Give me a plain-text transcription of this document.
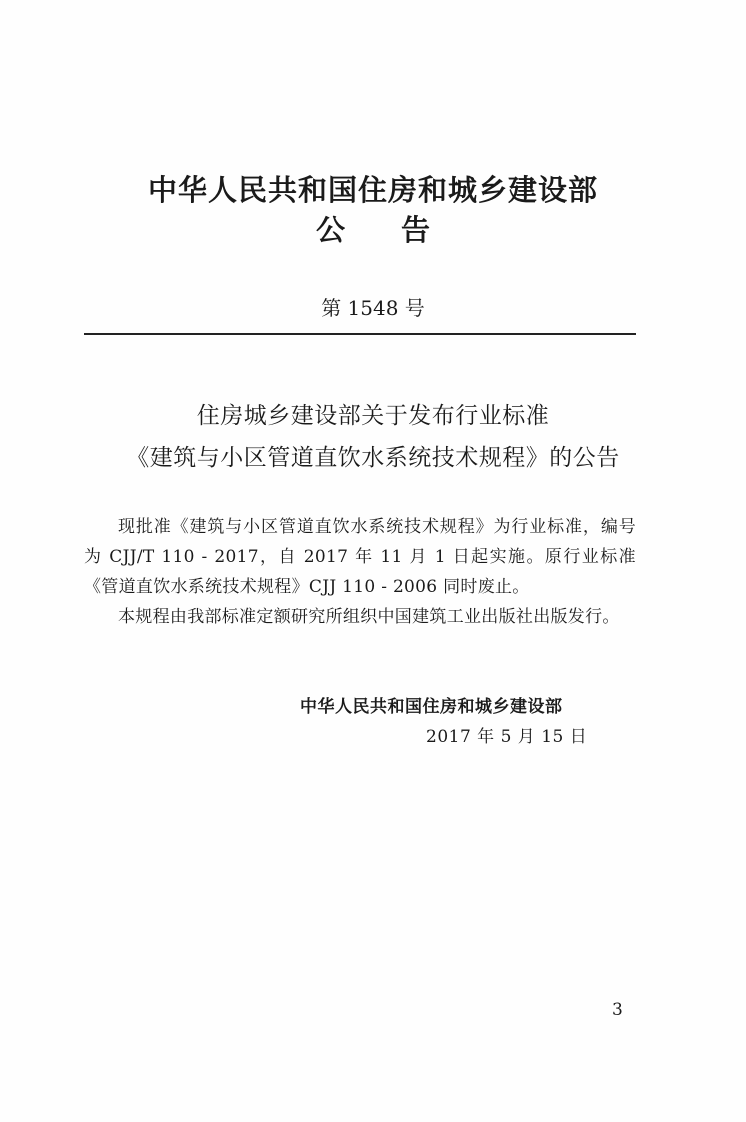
中华人民共和国住房和城乡建设部
公告
第 1548 号
住房城乡建设部关于发布行业标准
《建筑与小区管道直饮水系统技术规程》的公告
现批准《建筑与小区管道直饮水系统技术规程》为行业标准，编号为 CJJ/T 110 - 2017，自 2017 年 11 月 1 日起实施。原行业标准《管道直饮水系统技术规程》CJJ 110 - 2006 同时废止。
本规程由我部标准定额研究所组织中国建筑工业出版社出版发行。
中华人民共和国住房和城乡建设部
2017 年 5 月 15 日
3
